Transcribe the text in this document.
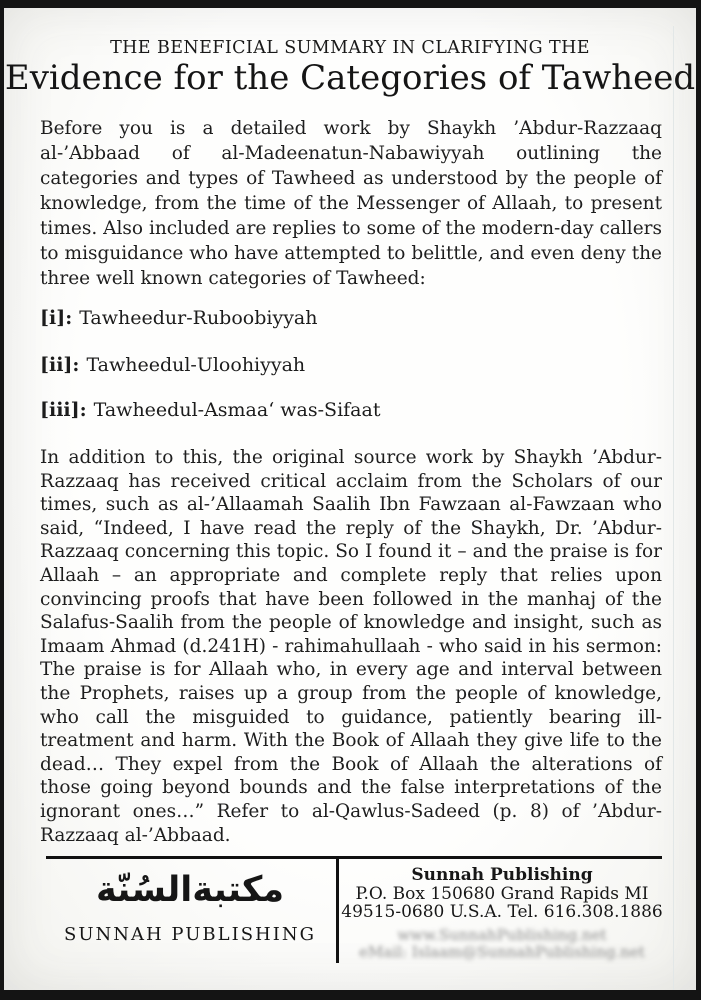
THE BENEFICIAL SUMMARY IN CLARIFYING THE
Evidence for the Categories of Tawheed
Before you is a detailed work by Shaykh ’Abdur-Razzaaq al-’Abbaad of al-Madeenatun-Nabawiyyah outlining the categories and types of Tawheed as understood by the people of knowledge, from the time of the Messenger of Allaah, to present times. Also included are replies to some of the modern-day callers to misguidance who have attempted to belittle, and even deny the three well known categories of Tawheed:
[i]: Tawheedur-Ruboobiyyah
[ii]: Tawheedul-Uloohiyyah
[iii]: Tawheedul-Asmaa‘ was-Sifaat
In addition to this, the original source work by Shaykh ’Abdur-Razzaaq has received critical acclaim from the Scholars of our times, such as al-’Allaamah Saalih Ibn Fawzaan al-Fawzaan who said, “Indeed, I have read the reply of the Shaykh, Dr. ’Abdur-Razzaaq concerning this topic. So I found it – and the praise is for Allaah – an appropriate and complete reply that relies upon convincing proofs that have been followed in the manhaj of the Salafus-Saalih from the people of knowledge and insight, such as Imaam Ahmad (d.241H) - rahimahullaah - who said in his sermon: The praise is for Allaah who, in every age and interval between the Prophets, raises up a group from the people of knowledge, who call the misguided to guidance, patiently bearing ill-treatment and harm. With the Book of Allaah they give life to the dead… They expel from the Book of Allaah the alterations of those going beyond bounds and the false interpretations of the ignorant ones…” Refer to al-Qawlus-Sadeed (p. 8) of ’Abdur-Razzaaq al-’Abbaad.
مكتبةالسُنّة
SUNNAH PUBLISHING
Sunnah Publishing
P.O. Box 150680 Grand Rapids MI
49515-0680 U.S.A. Tel. 616.308.1886
www.SunnahPublishing.net
eMail: Islaam@SunnahPublishing.net
